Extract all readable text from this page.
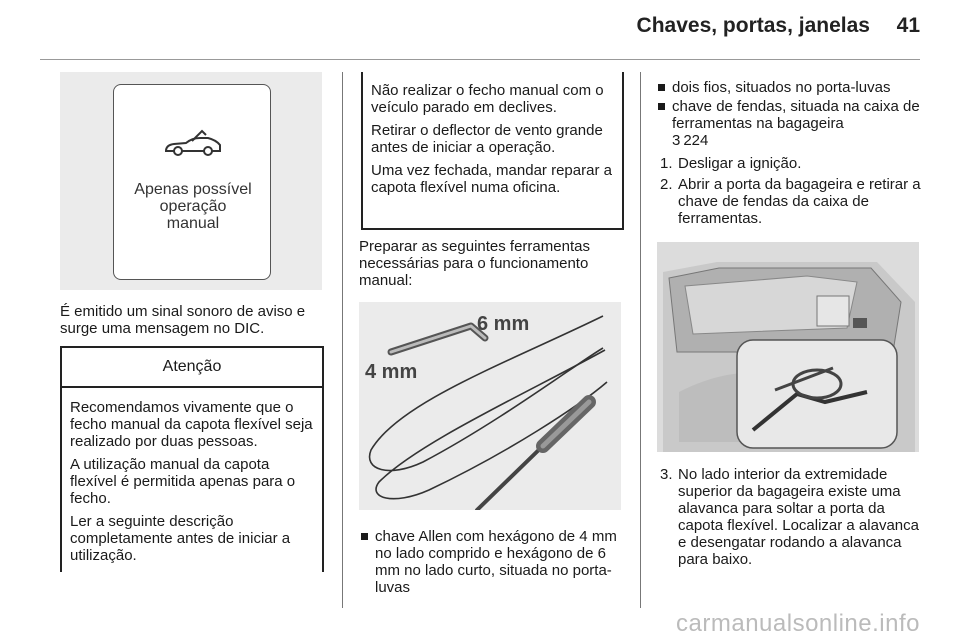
Chaves, portas, janelas 41
Apenas possível
operação
manual
É emitido um sinal sonoro de aviso e surge uma mensagem no DIC.
Atenção

Recomendamos vivamente que o fecho manual da capota flexível seja realizado por duas pessoas.

A utilização manual da capota flexível é permitida apenas para o fecho.

Ler a seguinte descrição completamente antes de iniciar a utilização.

Não realizar o fecho manual com o veículo parado em declives.

Retirar o deflector de vento grande antes de iniciar a operação.

Uma vez fechada, mandar reparar a capota flexível numa oficina.

Preparar as seguintes ferramentas necessárias para o funcionamento manual:
6 mm
4 mm
chave Allen com hexágono de 4 mm no lado comprido e hexágono de 6 mm no lado curto, situada no porta-luvas
dois fios, situados no porta-luvas
chave de fendas, situada na caixa de ferramentas na bagageira
3 224
1. Desligar a ignição.
2. Abrir a porta da bagageira e retirar a chave de fendas da caixa de ferramentas.
3. No lado interior da extremidade superior da bagageira existe uma alavanca para soltar a porta da capota flexível. Localizar a alavanca e desengatar rodando a alavanca para baixo.
carmanualsonline.info
